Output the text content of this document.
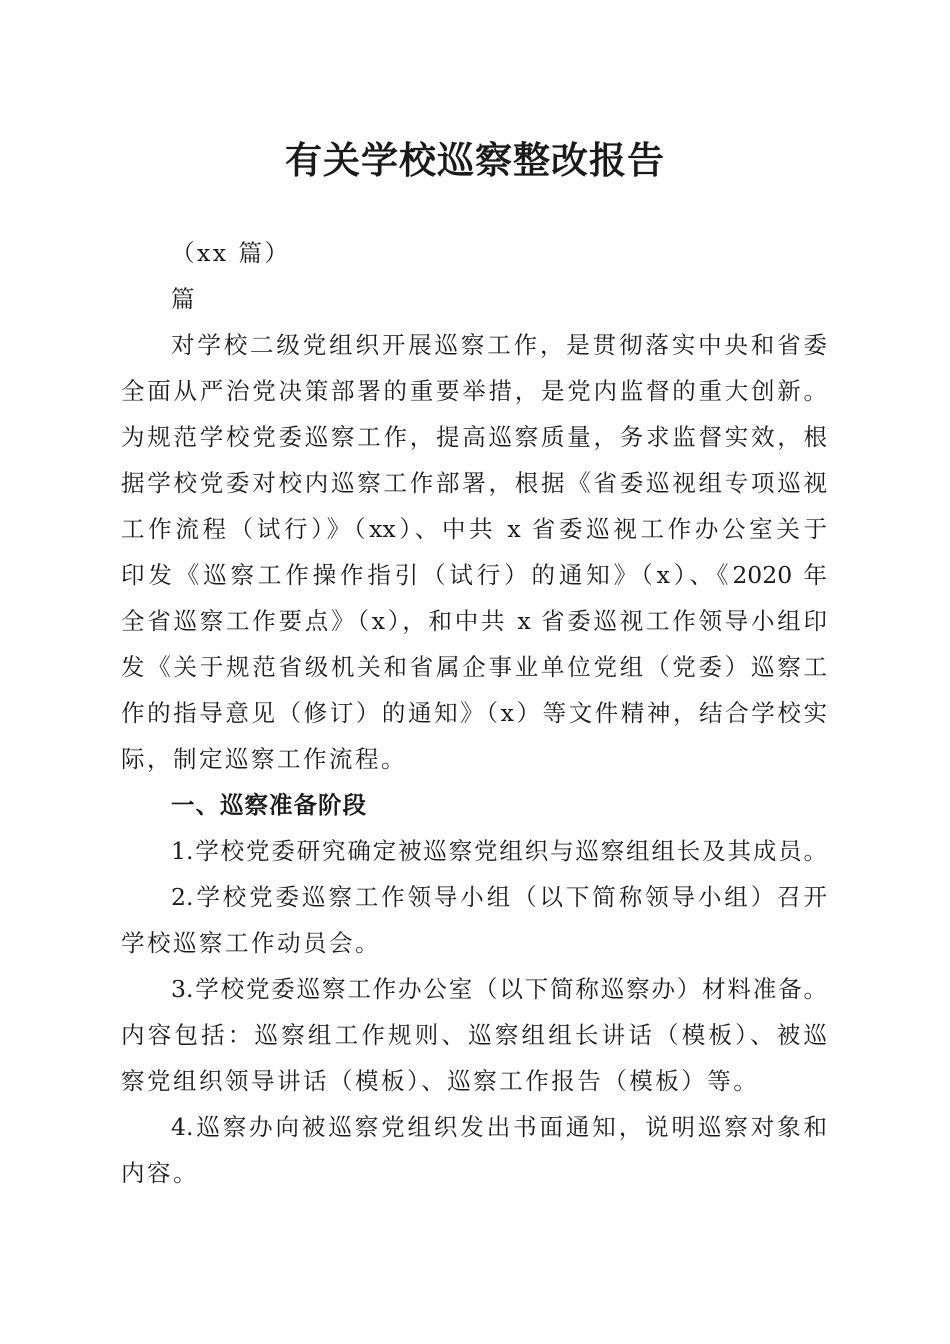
有关学校巡察整改报告
（xx 篇）
篇
对学校二级党组织开展巡察工作，是贯彻落实中央和省委
全面从严治党决策部署的重要举措，是党内监督的重大创新。
为规范学校党委巡察工作，提高巡察质量，务求监督实效，根
据学校党委对校内巡察工作部署，根据《省委巡视组专项巡视
工作流程（试行）》（xx）、中共 x 省委巡视工作办公室关于
印发《巡察工作操作指引（试行）的通知》（x）、《2020 年
全省巡察工作要点》（x），和中共 x 省委巡视工作领导小组印
发《关于规范省级机关和省属企事业单位党组（党委）巡察工
作的指导意见（修订）的通知》（x）等文件精神，结合学校实
际，制定巡察工作流程。
一、巡察准备阶段
1.学校党委研究确定被巡察党组织与巡察组组长及其成员。
2.学校党委巡察工作领导小组（以下简称领导小组）召开
学校巡察工作动员会。
3.学校党委巡察工作办公室（以下简称巡察办）材料准备。
内容包括：巡察组工作规则、巡察组组长讲话（模板）、被巡
察党组织领导讲话（模板）、巡察工作报告（模板）等。
4.巡察办向被巡察党组织发出书面通知，说明巡察对象和
内容。
